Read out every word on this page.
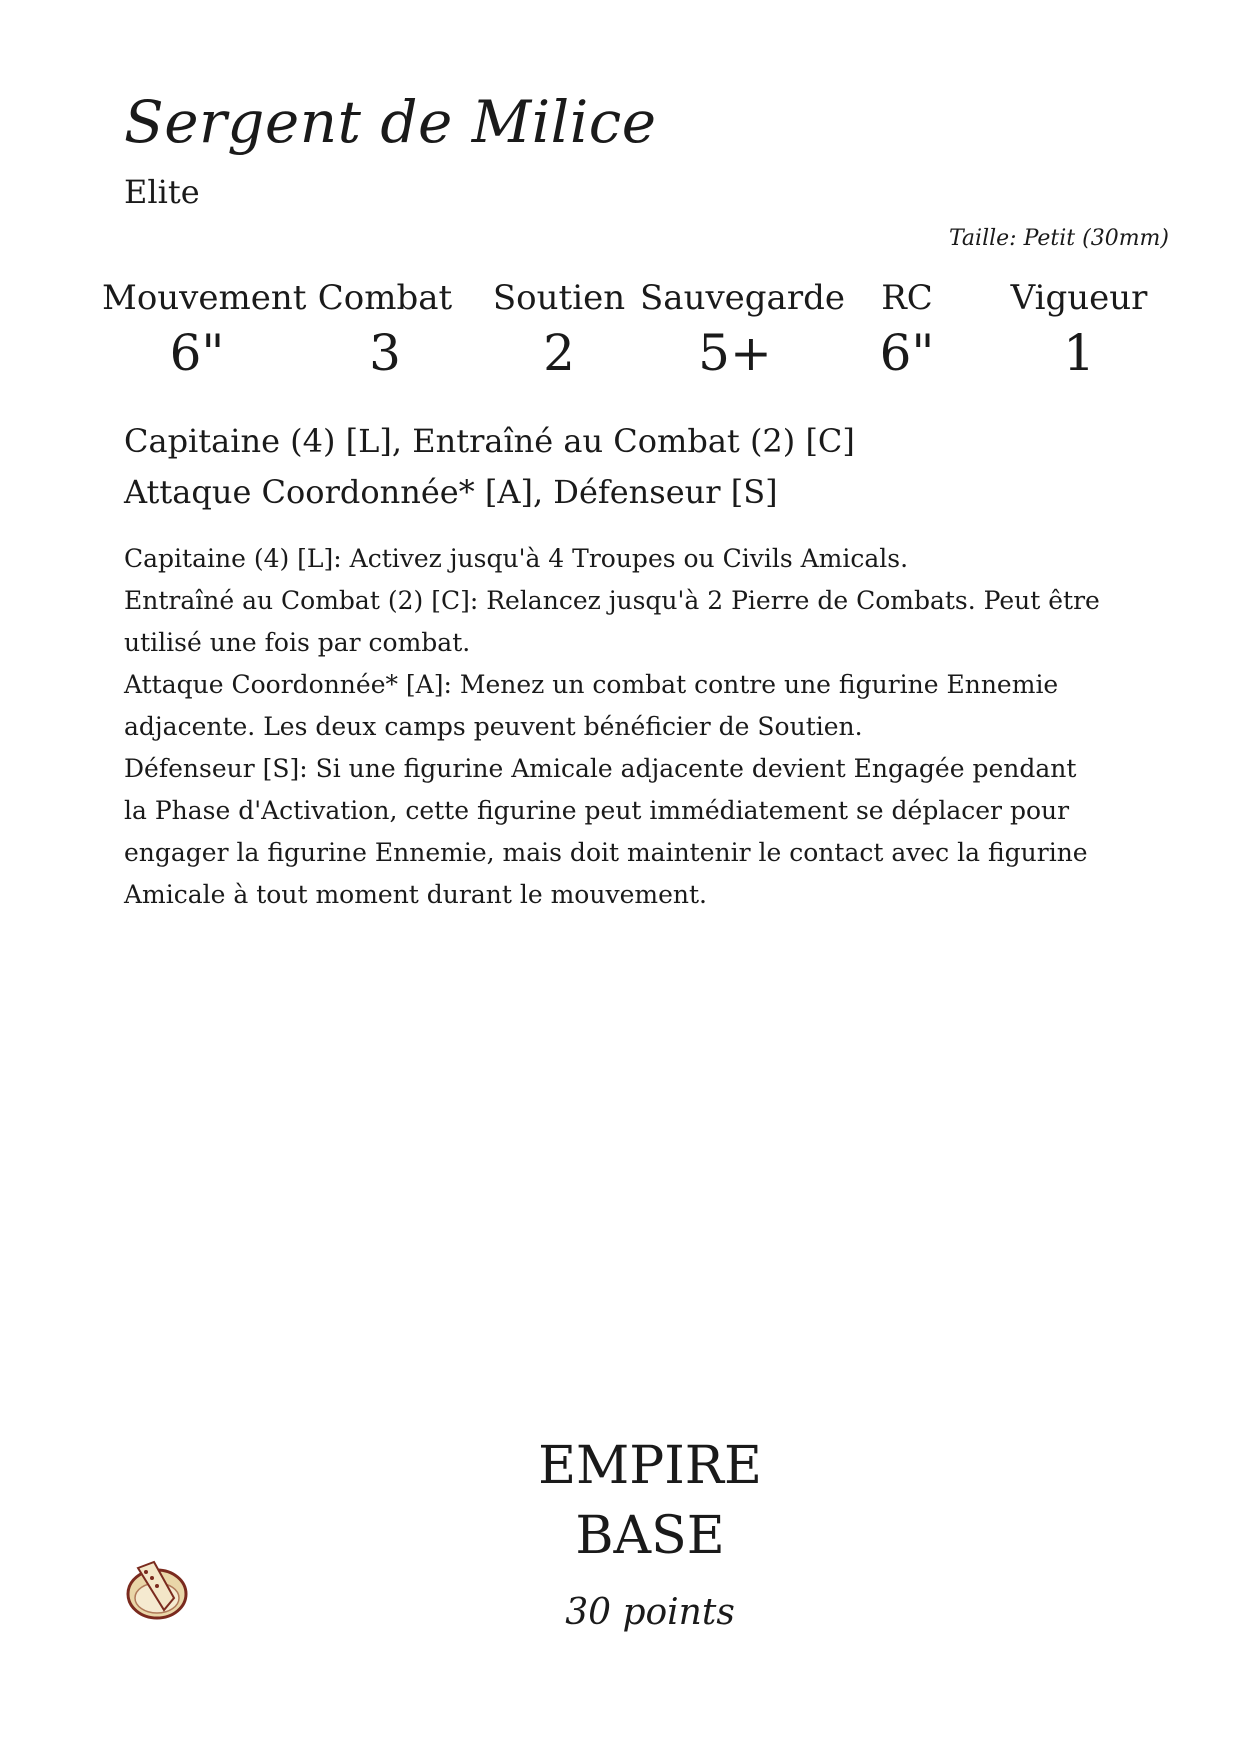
Sergent de Milice
Elite
Taille: Petit (30mm)
Mouvement
6"
Combat
3
Soutien
2
Sauvegarde
5+
RC
6"
Vigueur
1
Capitaine (4) [L], Entraîné au Combat (2) [C]
Attaque Coordonnée* [A], Défenseur [S]

Capitaine (4) [L]: Activez jusqu'à 4 Troupes ou Civils Amicals.

Entraîné au Combat (2) [C]: Relancez jusqu'à 2 Pierre de Combats. Peut être utilisé une fois par combat.

Attaque Coordonnée* [A]: Menez un combat contre une figurine Ennemie adjacente. Les deux camps peuvent bénéficier de Soutien.

Défenseur [S]: Si une figurine Amicale adjacente devient Engagée pendant la Phase d'Activation, cette figurine peut immédiatement se déplacer pour engager la figurine Ennemie, mais doit maintenir le contact avec la figurine Amicale à tout moment durant le mouvement.

EMPIRE
BASE
30 points
